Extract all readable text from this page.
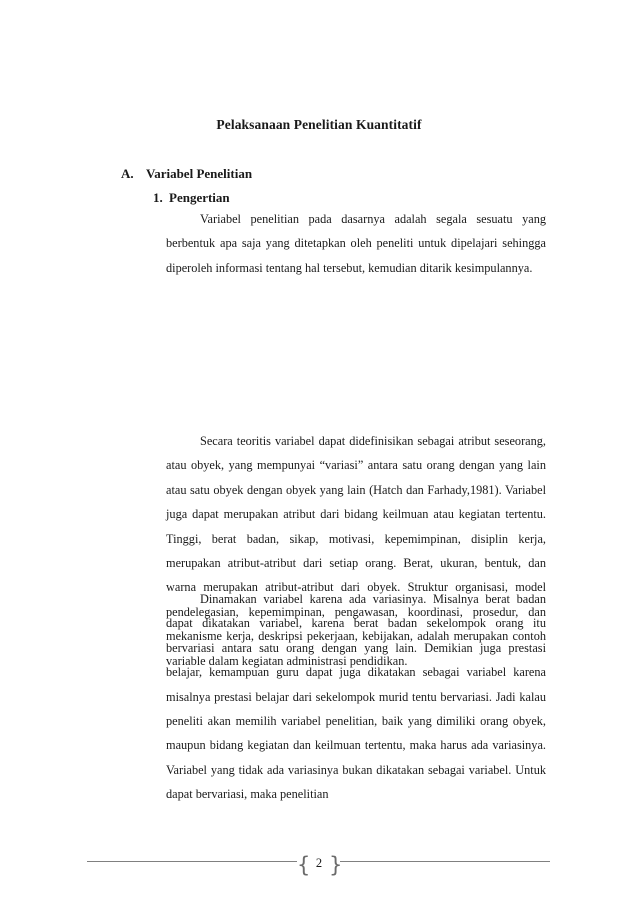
Pelaksanaan Penelitian Kuantitatif
A. Variabel Penelitian
1. Pengertian

Variabel penelitian pada dasarnya adalah segala sesuatu yang berbentuk apa saja yang ditetapkan oleh peneliti untuk dipelajari sehingga diperoleh informasi tentang hal tersebut, kemudian ditarik kesimpulannya.

Secara teoritis variabel dapat didefinisikan sebagai atribut seseorang, atau obyek, yang mempunyai “variasi” antara satu orang dengan yang lain atau satu obyek dengan obyek yang lain (Hatch dan Farhady,1981). Variabel juga dapat merupakan atribut dari bidang keilmuan atau kegiatan tertentu. Tinggi, berat badan, sikap, motivasi, kepemimpinan, disiplin kerja, merupakan atribut-atribut dari setiap orang. Berat, ukuran, bentuk, dan warna merupakan atribut-atribut dari obyek. Struktur organisasi, model pendelegasian, kepemimpinan, pengawasan, koordinasi, prosedur, dan mekanisme kerja, deskripsi pekerjaan, kebijakan, adalah merupakan contoh variable dalam kegiatan administrasi pendidikan.

Dinamakan variabel karena ada variasinya. Misalnya berat badan dapat dikatakan variabel, karena berat badan sekelompok orang itu bervariasi antara satu orang dengan yang lain. Demikian juga prestasi belajar, kemampuan guru dapat juga dikatakan sebagai variabel karena misalnya prestasi belajar dari sekelompok murid tentu bervariasi. Jadi kalau peneliti akan memilih variabel penelitian, baik yang dimiliki orang obyek, maupun bidang kegiatan dan keilmuan tertentu, maka harus ada variasinya. Variabel yang tidak ada variasinya bukan dikatakan sebagai variabel. Untuk dapat bervariasi, maka penelitian

{ 2 }
